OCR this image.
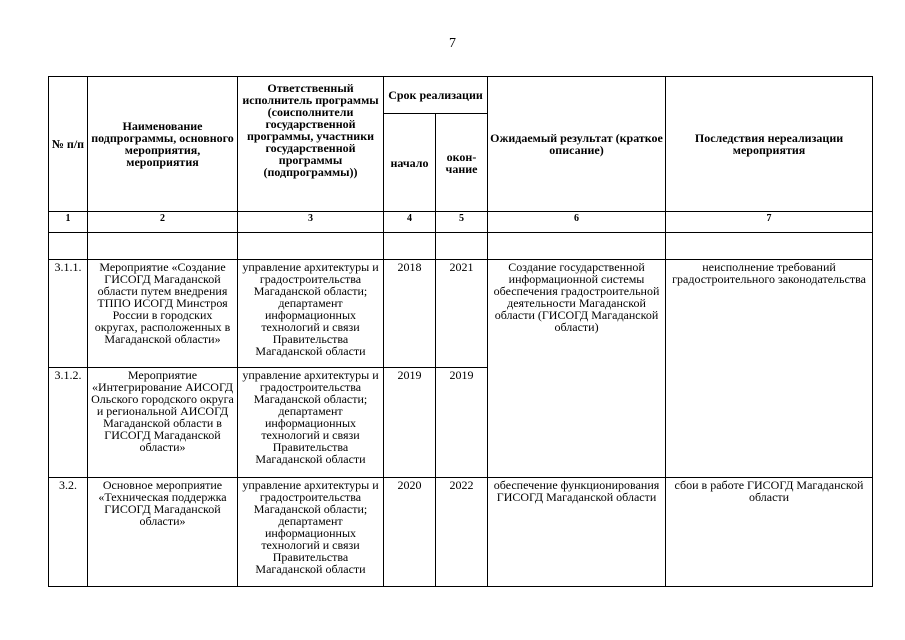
7
№ п/п	Наименование подпрограммы, основного мероприятия, мероприятия	Ответственный исполнитель программы (соисполнители государственной программы, участники государственной программы (подпрограммы))	Срок реализации		Ожидаемый результат (краткое описание)	Последствия нереализации мероприятия
			начало	окон-чание		
1	2	3	4	5	6	7

3.1.1.	Мероприятие «Создание ГИСОГД Магаданской области путем внедрения ТППО ИСОГД Минстроя России в городских округах, расположенных в Магаданской области»	управление архитектуры и градостроительства Магаданской области; департамент информационных технологий и связи Правительства Магаданской области	2018	2021	Создание государственной информационной системы обеспечения градостроительной деятельности Магаданской области (ГИСОГД Магаданской области)	неисполнение требований градостроительного законодательства
3.1.2.	Мероприятие «Интегрирование АИСОГД Ольского городского округа и региональной АИСОГД Магаданской области в ГИСОГД Магаданской области»	управление архитектуры и градостроительства Магаданской области; департамент информационных технологий и связи Правительства Магаданской области	2019	2019		
3.2.	Основное мероприятие «Техническая поддержка ГИСОГД Магаданской области»	управление архитектуры и градостроительства Магаданской области; департамент информационных технологий и связи Правительства Магаданской области	2020	2022	обеспечение функционирования ГИСОГД Магаданской области	сбои в работе ГИСОГД Магаданской области
